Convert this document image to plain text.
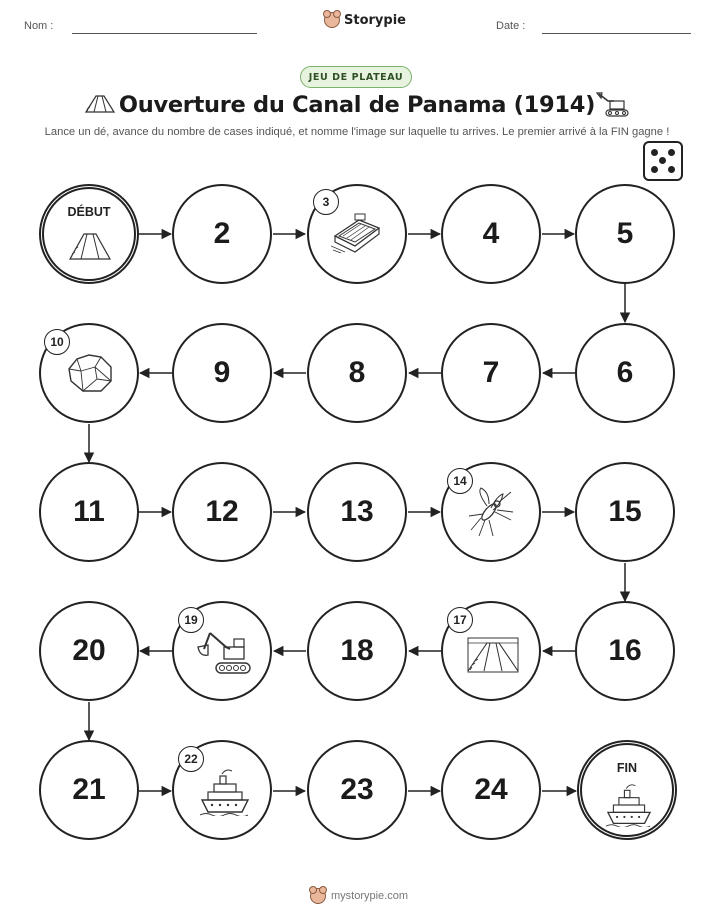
Nom :	Storypie	Date :
JEU DE PLATEAU
Ouverture du Canal de Panama (1914)
Lance un dé, avance du nombre de cases indiqué, et nomme l'image sur laquelle tu arrives. Le premier arrivé à la FIN gagne !
DÉBUT
2
3
4	5
10
9	8	7	6
11	12	13
14
15
20
19
18
17
16
21
22
23	24
FIN
mystorypie.com
